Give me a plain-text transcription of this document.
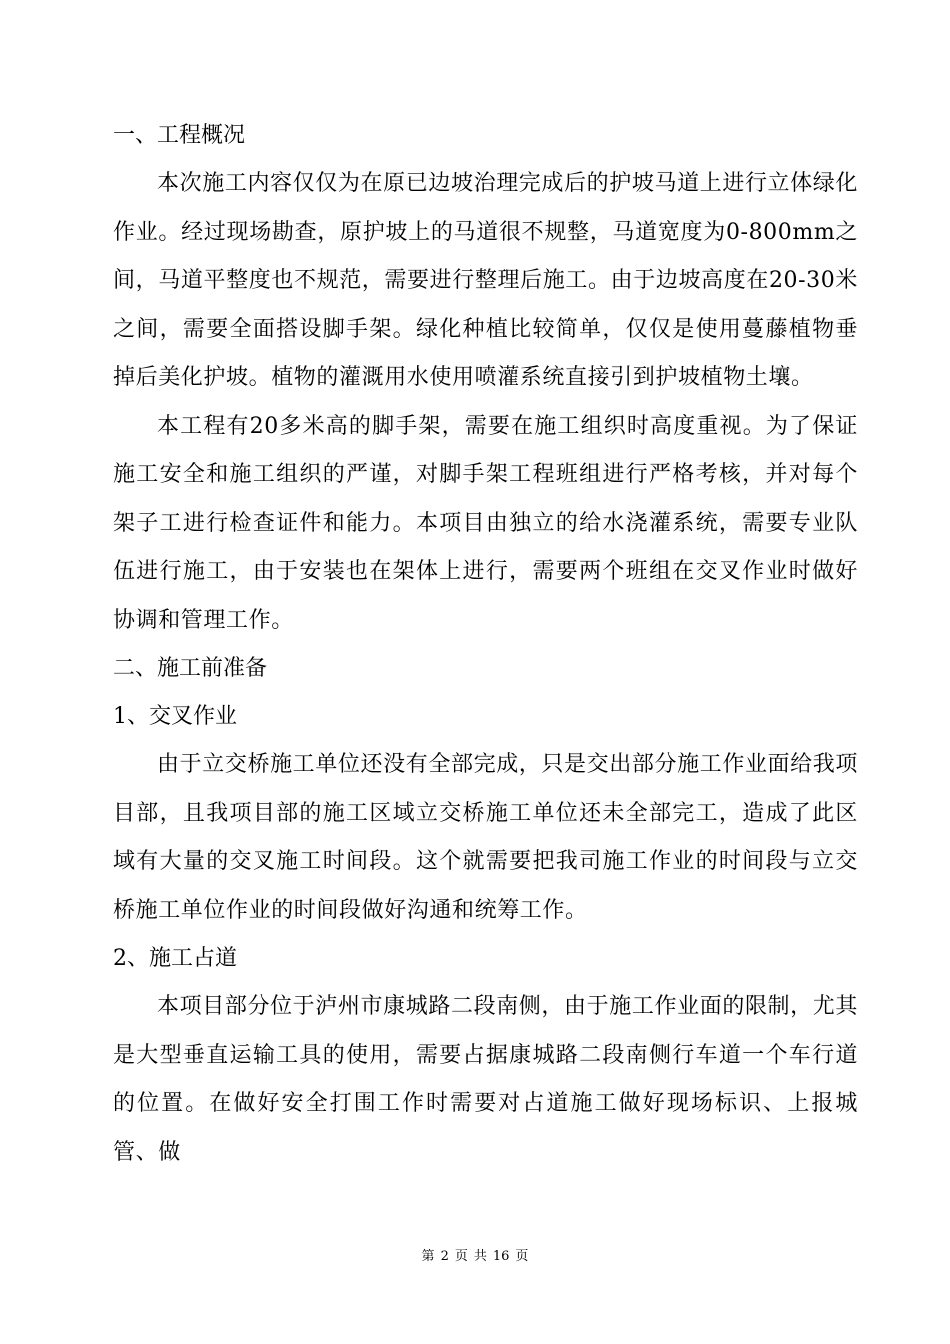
一、工程概况

本次施工内容仅仅为在原已边坡治理完成后的护坡马道上进行立体绿化作业。经过现场勘查，原护坡上的马道很不规整，马道宽度为0-800mm之间，马道平整度也不规范，需要进行整理后施工。由于边坡高度在20-30米之间，需要全面搭设脚手架。绿化种植比较简单，仅仅是使用蔓藤植物垂掉后美化护坡。植物的灌溉用水使用喷灌系统直接引到护坡植物土壤。

本工程有20多米高的脚手架，需要在施工组织时高度重视。为了保证施工安全和施工组织的严谨，对脚手架工程班组进行严格考核，并对每个架子工进行检查证件和能力。本项目由独立的给水浇灌系统，需要专业队伍进行施工，由于安装也在架体上进行，需要两个班组在交叉作业时做好协调和管理工作。

二、施工前准备

1、交叉作业

由于立交桥施工单位还没有全部完成，只是交出部分施工作业面给我项目部，且我项目部的施工区域立交桥施工单位还未全部完工，造成了此区域有大量的交叉施工时间段。这个就需要把我司施工作业的时间段与立交桥施工单位作业的时间段做好沟通和统筹工作。

2、施工占道

本项目部分位于泸州市康城路二段南侧，由于施工作业面的限制，尤其是大型垂直运输工具的使用，需要占据康城路二段南侧行车道一个车行道的位置。在做好安全打围工作时需要对占道施工做好现场标识、上报城管、做

第 2 页 共 16 页
